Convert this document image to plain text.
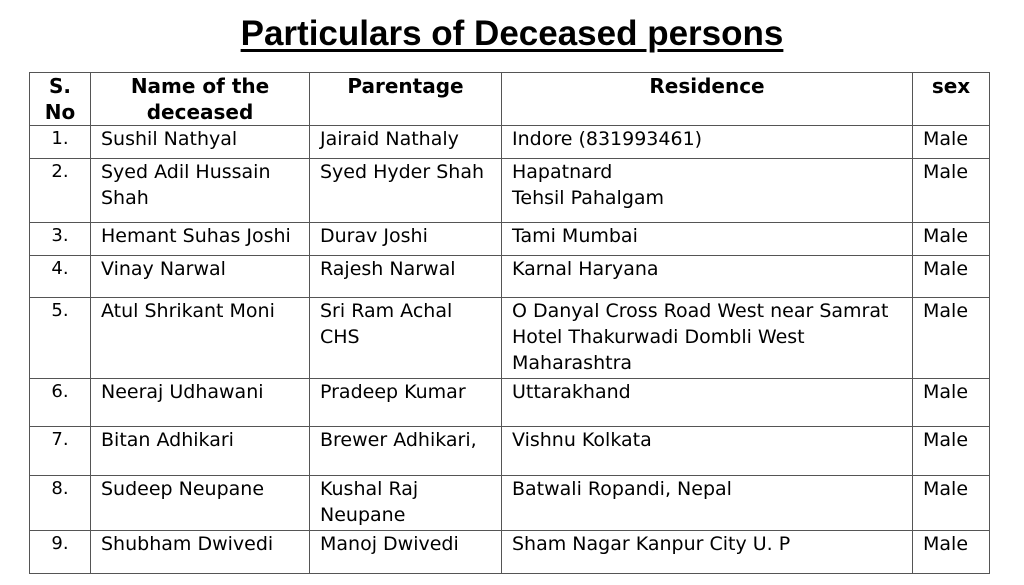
Particulars of Deceased persons
S.
No	Name of the deceased	Parentage	Residence	sex
1.	Sushil Nathyal	Jairaid Nathaly	Indore (831993461)	Male
2.	Syed Adil Hussain Shah	Syed Hyder Shah	Hapatnard
Tehsil Pahalgam	Male
3.	Hemant Suhas Joshi	Durav Joshi	Tami Mumbai	Male
4.	Vinay Narwal	Rajesh Narwal	Karnal Haryana	Male
5.	Atul Shrikant Moni	Sri Ram Achal CHS	O Danyal Cross Road West near Samrat Hotel Thakurwadi Dombli West Maharashtra	Male
6.	Neeraj Udhawani	Pradeep Kumar	Uttarakhand	Male
7.	Bitan Adhikari	Brewer Adhikari,	Vishnu Kolkata	Male
8.	Sudeep Neupane	Kushal Raj Neupane	Batwali Ropandi, Nepal	Male
9.	Shubham Dwivedi	Manoj Dwivedi	Sham Nagar Kanpur City U. P	Male
